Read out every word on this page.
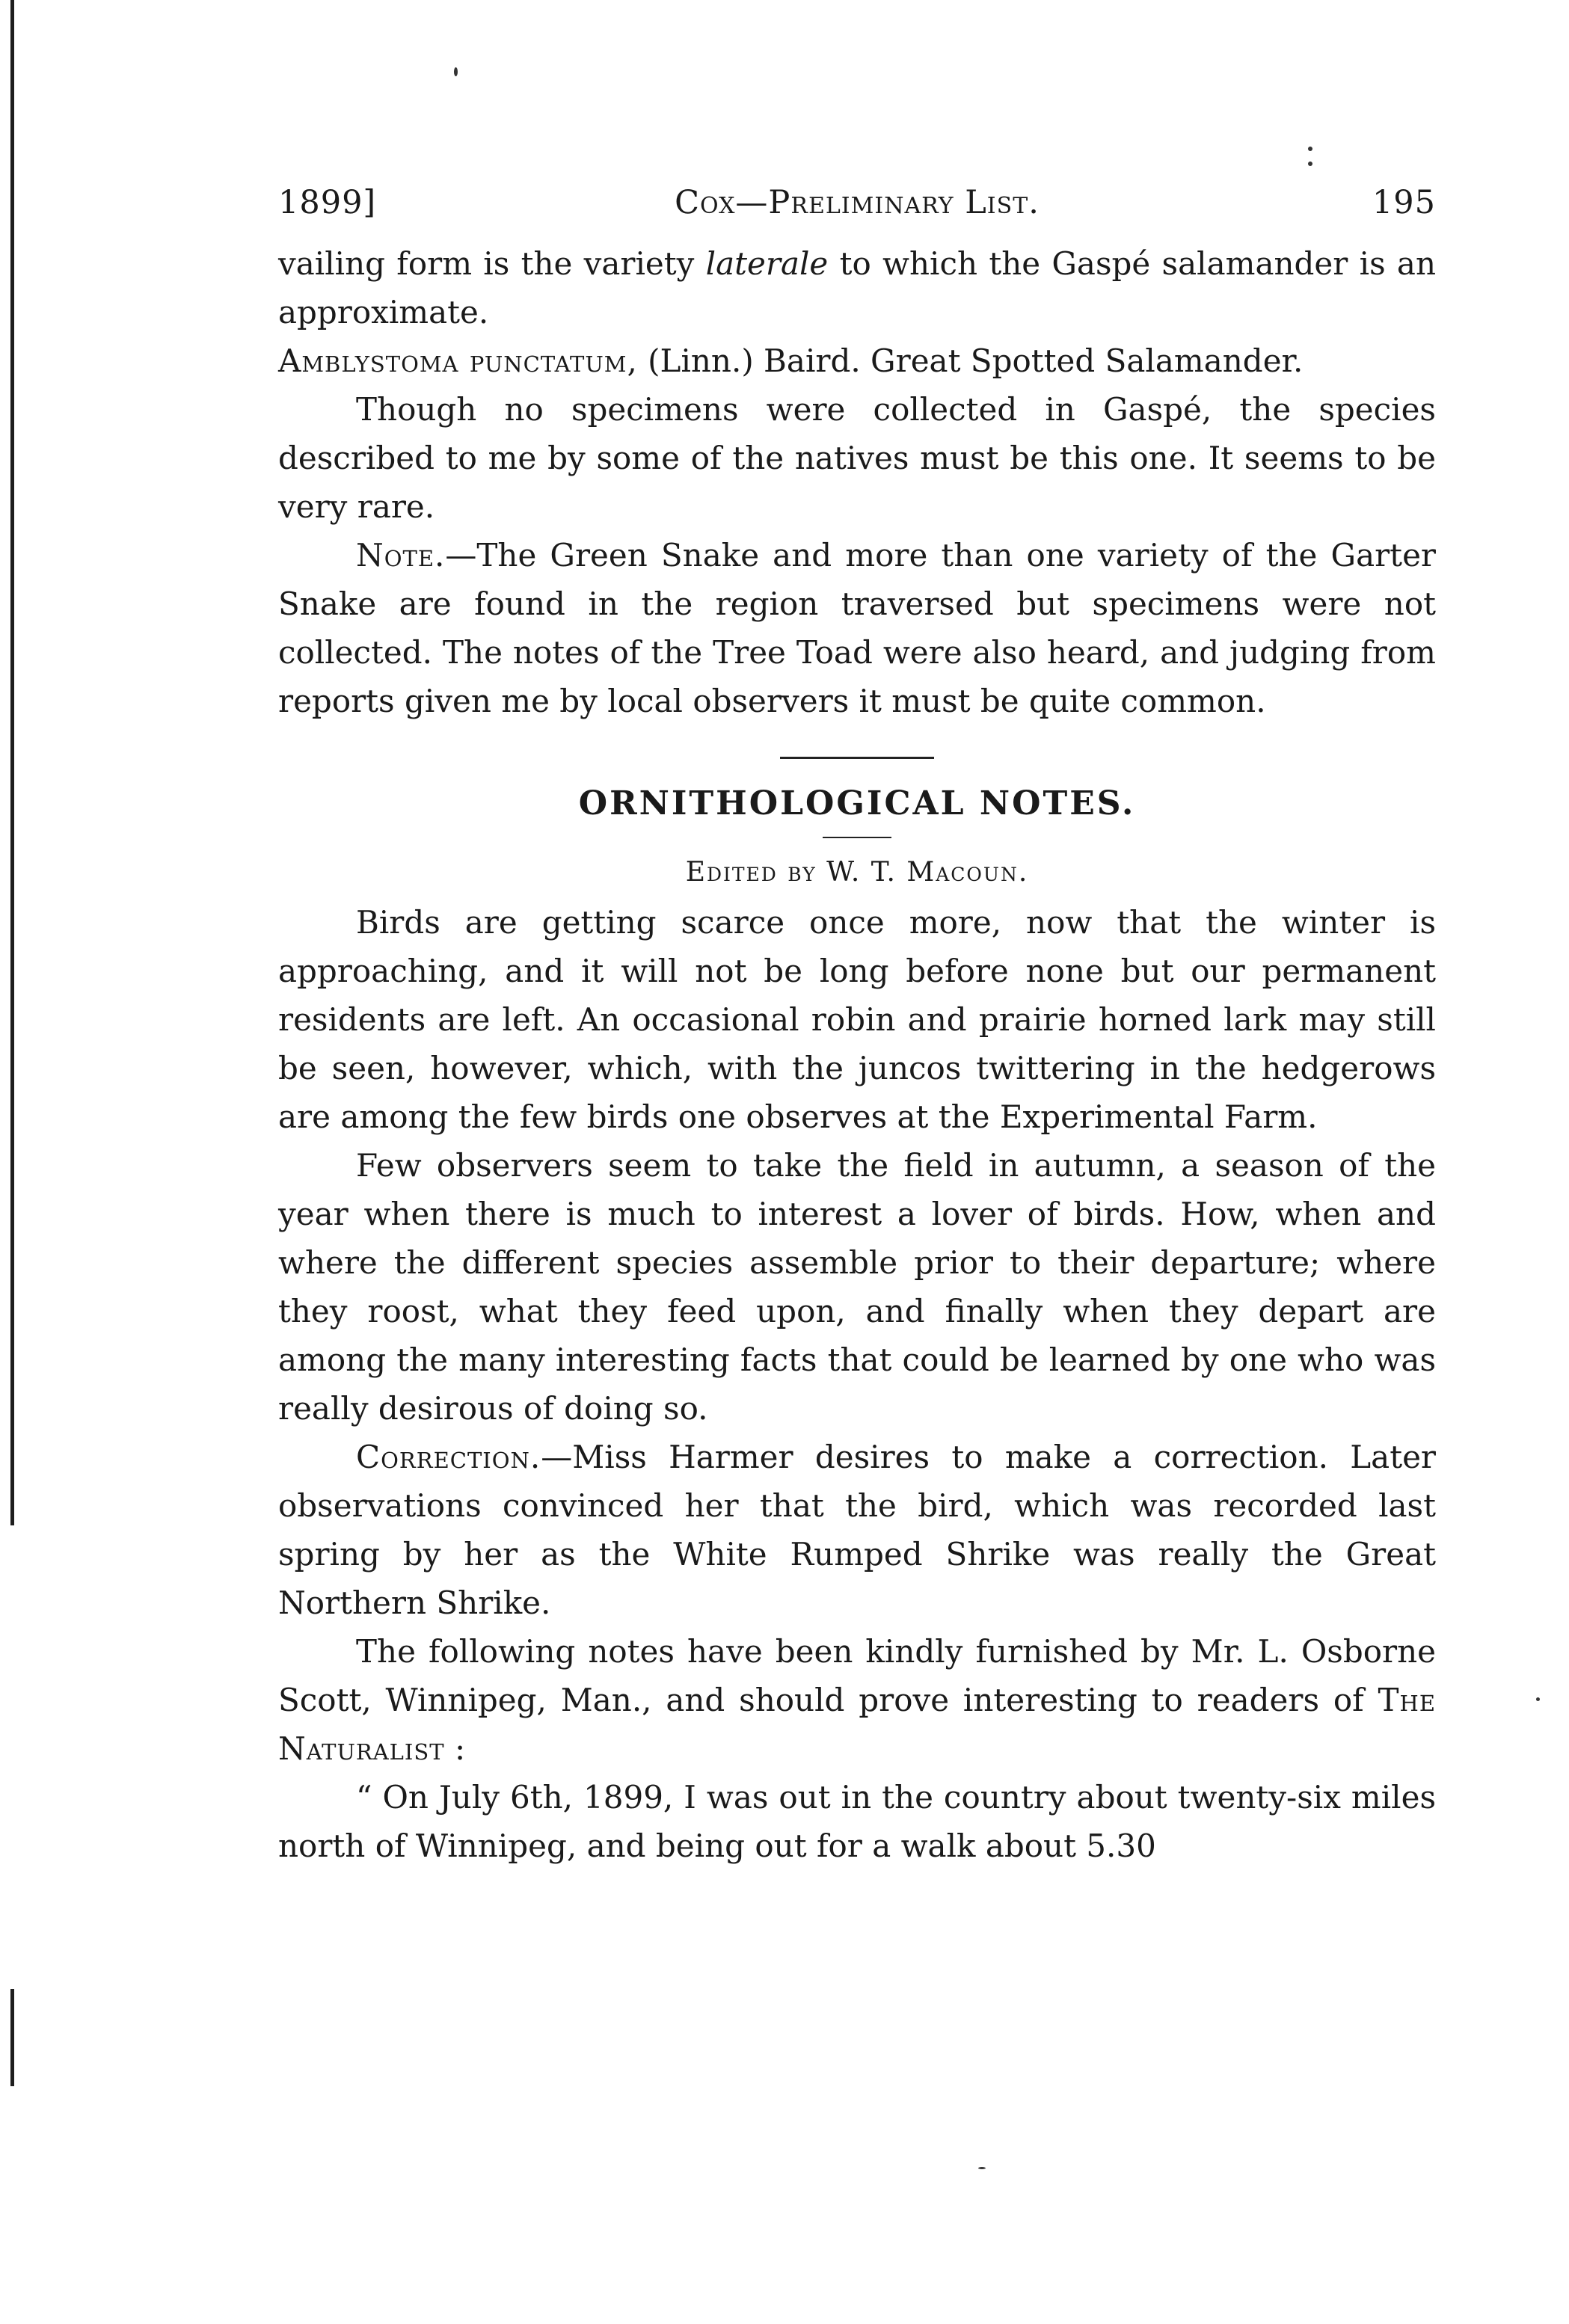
1899]	Cox—Preliminary List.	195

vailing form is the variety laterale to which the Gaspé salamander is an approximate.

Amblystoma punctatum, (Linn.) Baird. Great Spotted Salamander.

Though no specimens were collected in Gaspé, the species described to me by some of the natives must be this one. It seems to be very rare.

Note.—The Green Snake and more than one variety of the Garter Snake are found in the region traversed but specimens were not collected. The notes of the Tree Toad were also heard, and judging from reports given me by local observers it must be quite common.

ORNITHOLOGICAL NOTES.

Edited by W. T. Macoun.

Birds are getting scarce once more, now that the winter is approaching, and it will not be long before none but our permanent residents are left. An occasional robin and prairie horned lark may still be seen, however, which, with the juncos twittering in the hedgerows are among the few birds one observes at the Experimental Farm.

Few observers seem to take the field in autumn, a season of the year when there is much to interest a lover of birds. How, when and where the different species assemble prior to their departure; where they roost, what they feed upon, and finally when they depart are among the many interesting facts that could be learned by one who was really desirous of doing so.

Correction.—Miss Harmer desires to make a correction. Later observations convinced her that the bird, which was recorded last spring by her as the White Rumped Shrike was really the Great Northern Shrike.

The following notes have been kindly furnished by Mr. L. Osborne Scott, Winnipeg, Man., and should prove interesting to readers of The Naturalist :

“ On July 6th, 1899, I was out in the country about twenty-six miles north of Winnipeg, and being out for a walk about 5.30
